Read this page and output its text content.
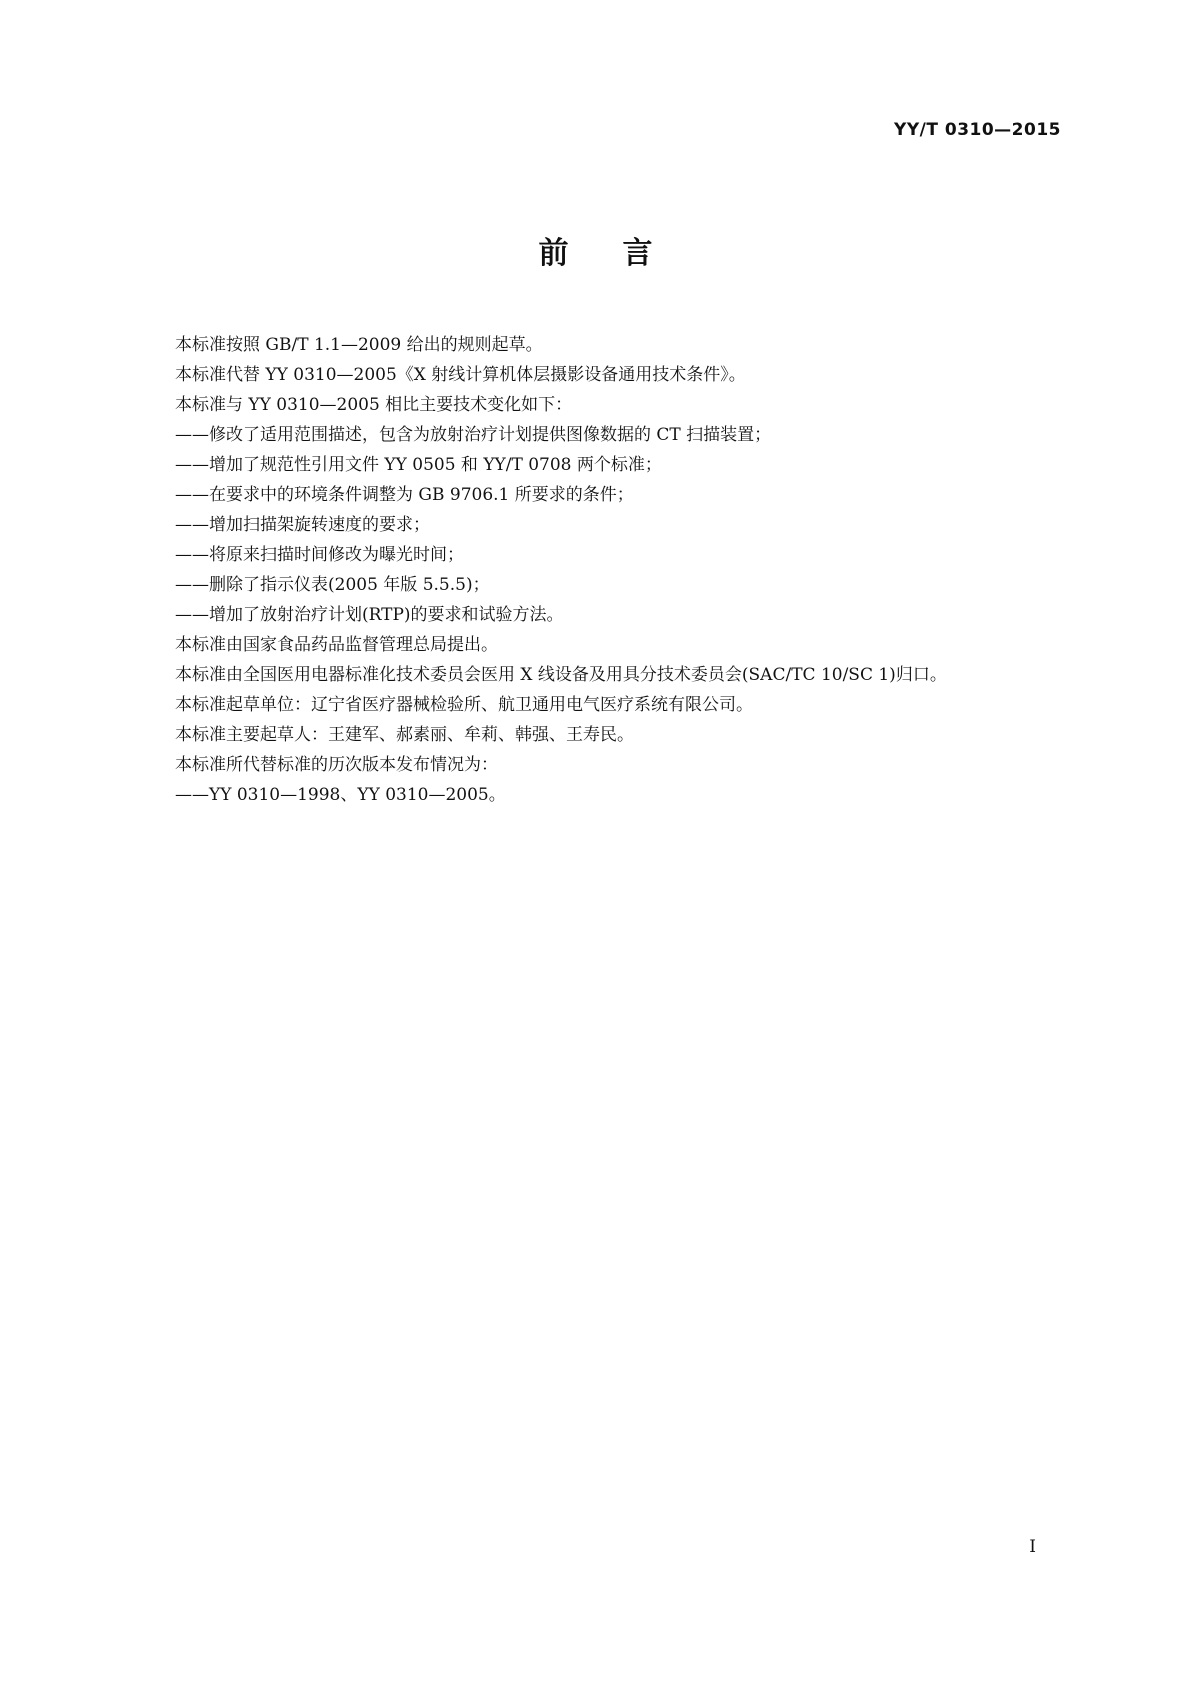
YY/T 0310—2015
前 言

本标准按照 GB/T 1.1—2009 给出的规则起草。

本标准代替 YY 0310—2005《X 射线计算机体层摄影设备通用技术条件》。

本标准与 YY 0310—2005 相比主要技术变化如下：

——修改了适用范围描述，包含为放射治疗计划提供图像数据的 CT 扫描装置；

——增加了规范性引用文件 YY 0505 和 YY/T 0708 两个标准；

——在要求中的环境条件调整为 GB 9706.1 所要求的条件；

——增加扫描架旋转速度的要求；

——将原来扫描时间修改为曝光时间；

——删除了指示仪表(2005 年版 5.5.5)；

——增加了放射治疗计划(RTP)的要求和试验方法。

本标准由国家食品药品监督管理总局提出。

本标准由全国医用电器标准化技术委员会医用 X 线设备及用具分技术委员会(SAC/TC 10/SC 1)归口。

本标准起草单位：辽宁省医疗器械检验所、航卫通用电气医疗系统有限公司。

本标准主要起草人：王建军、郝素丽、牟莉、韩强、王寿民。

本标准所代替标准的历次版本发布情况为：

——YY 0310—1998、YY 0310—2005。

I
